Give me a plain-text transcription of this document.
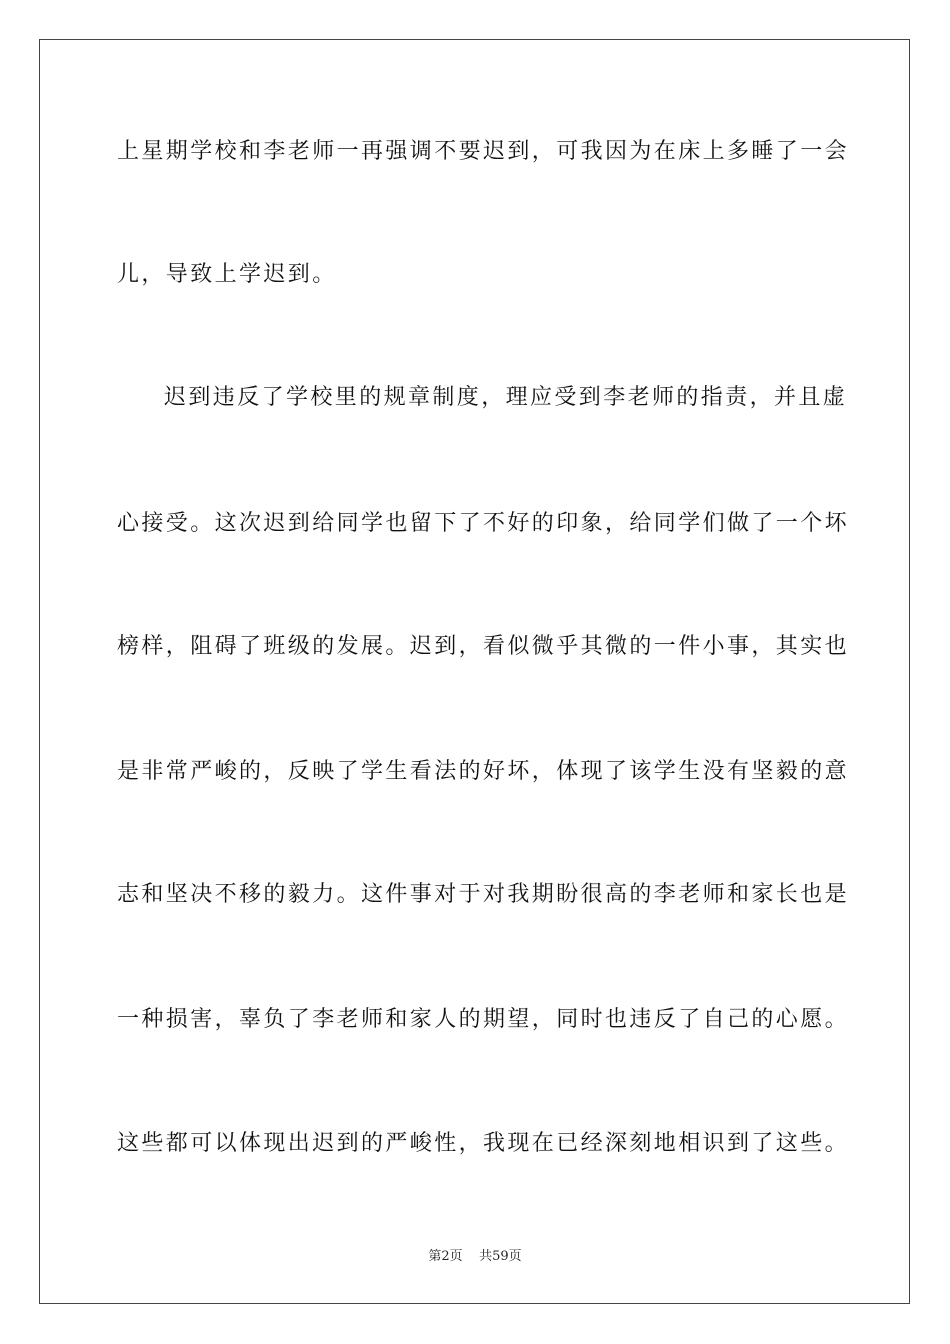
上星期学校和李老师一再强调不要迟到，可我因为在床上多睡了一会
儿，导致上学迟到。
迟到违反了学校里的规章制度，理应受到李老师的指责，并且虚
心接受。这次迟到给同学也留下了不好的印象，给同学们做了一个坏
榜样，阻碍了班级的发展。迟到，看似微乎其微的一件小事，其实也
是非常严峻的，反映了学生看法的好坏，体现了该学生没有坚毅的意
志和坚决不移的毅力。这件事对于对我期盼很高的李老师和家长也是
一种损害，辜负了李老师和家人的期望，同时也违反了自己的心愿。
这些都可以体现出迟到的严峻性，我现在已经深刻地相识到了这些。
第2页 共59页
